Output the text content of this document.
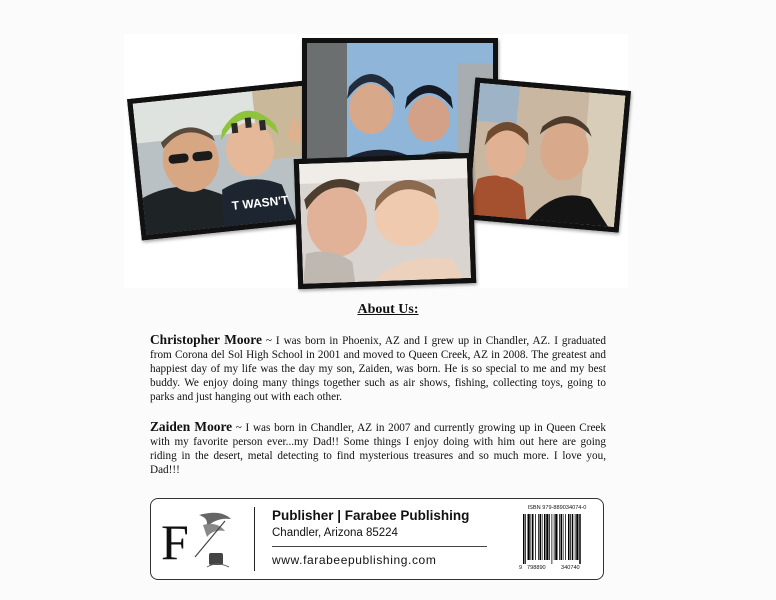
T WASN'T
About Us:
Christopher Moore ~ I was born in Phoenix, AZ and I grew up in Chandler, AZ. I graduated from Corona del Sol High School in 2001 and moved to Queen Creek, AZ in 2008. The greatest and happiest day of my life was the day my son, Zaiden, was born. He is so special to me and my best buddy. We enjoy doing many things together such as air shows, fishing, collecting toys, going to parks and just hanging out with each other.
Zaiden Moore ~ I was born in Chandler, AZ in 2007 and currently growing up in Queen Creek with my favorite person ever...my Dad!! Some things I enjoy doing with him out here are going riding in the desert, metal detecting to find mysterious treasures and so much more. I love you, Dad!!!
F	Publisher | Farabee Publishing
Chandler, Arizona 85224
www.farabeepublishing.com
ISBN 979-889034074-0
9 798890	340740
